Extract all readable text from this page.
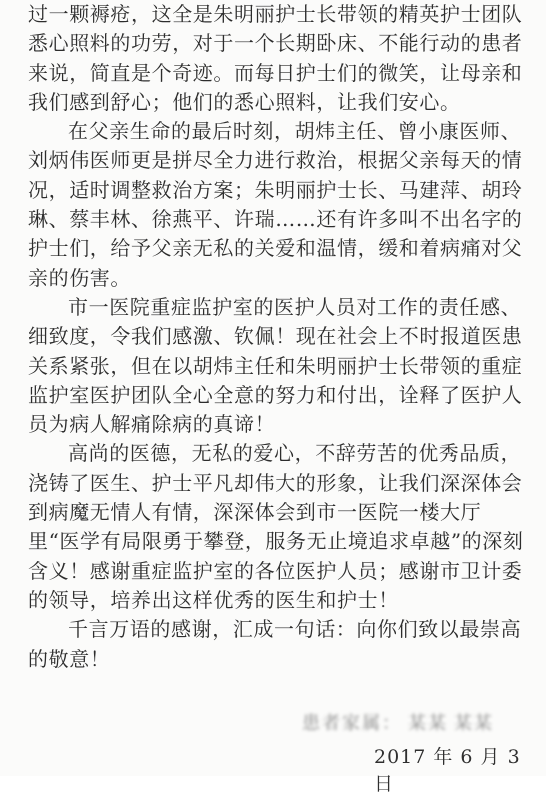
过一颗褥疮，这全是朱明丽护士长带领的精英护士团队悉心照料的功劳，对于一个长期卧床、不能行动的患者来说，简直是个奇迹。而每日护士们的微笑，让母亲和我们感到舒心；他们的悉心照料，让我们安心。

在父亲生命的最后时刻，胡炜主任、曾小康医师、刘炳伟医师更是拼尽全力进行救治，根据父亲每天的情况，适时调整救治方案；朱明丽护士长、马建萍、胡玲琳、蔡丰林、徐燕平、许瑞……还有许多叫不出名字的护士们，给予父亲无私的关爱和温情，缓和着病痛对父亲的伤害。

市一医院重症监护室的医护人员对工作的责任感、细致度，令我们感激、钦佩！现在社会上不时报道医患关系紧张，但在以胡炜主任和朱明丽护士长带领的重症监护室医护团队全心全意的努力和付出，诠释了医护人员为病人解痛除病的真谛！

高尚的医德，无私的爱心，不辞劳苦的优秀品质，浇铸了医生、护士平凡却伟大的形象，让我们深深体会到病魔无情人有情，深深体会到市一医院一楼大厅里“医学有局限勇于攀登，服务无止境追求卓越”的深刻含义！感谢重症监护室的各位医护人员；感谢市卫计委的领导，培养出这样优秀的医生和护士！

千言万语的感谢，汇成一句话：向你们致以最崇高的敬意！

患者家属： 某某 某某
2017 年 6 月 3 日
